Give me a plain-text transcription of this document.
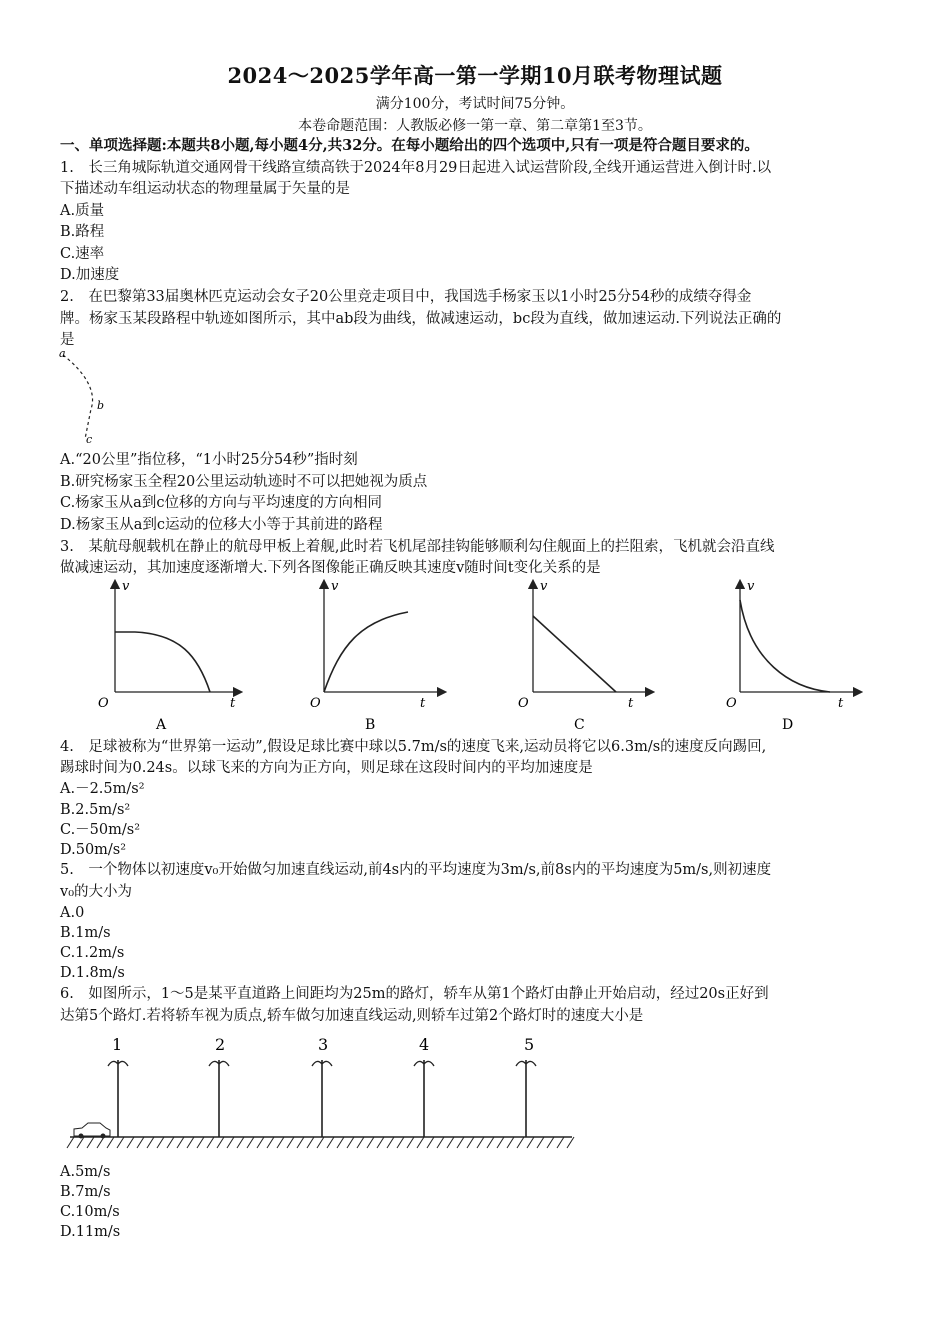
2024～2025学年高一第一学期10月联考物理试题
满分100分，考试时间75分钟。
本卷命题范围：人教版必修一第一章、第二章第1至3节。
一、单项选择题:本题共8小题,每小题4分,共32分。在每小题给出的四个选项中,只有一项是符合题目要求的。
1.　长三角城际轨道交通网骨干线路宣绩高铁于2024年8月29日起进入试运营阶段,全线开通运营进入倒计时.以
下描述动车组运动状态的物理量属于矢量的是
A.质量
B.路程
C.速率
D.加速度
2.　在巴黎第33届奥林匹克运动会女子20公里竞走项目中，我国选手杨家玉以1小时25分54秒的成绩夺得金
牌。杨家玉某段路程中轨迹如图所示，其中ab段为曲线，做减速运动，bc段为直线，做加速运动.下列说法正确的
是
a
b
c
A.“20公里”指位移，“1小时25分54秒”指时刻
B.研究杨家玉全程20公里运动轨迹时不可以把她视为质点
C.杨家玉从a到c位移的方向与平均速度的方向相同
D.杨家玉从a到c运动的位移大小等于其前进的路程
3.　某航母舰载机在静止的航母甲板上着舰,此时若飞机尾部挂钩能够顺利勾住舰面上的拦阻索，飞机就会沿直线
做减速运动，其加速度逐渐增大.下列各图像能正确反映其速度v随时间t变化关系的是
v
t
O
A
v
t
O
B
v
t
O
C
v
t
O
D
4.　足球被称为“世界第一运动”,假设足球比赛中球以5.7m/s的速度飞来,运动员将它以6.3m/s的速度反向踢回,
踢球时间为0.24s。以球飞来的方向为正方向，则足球在这段时间内的平均加速度是
A.－2.5m/s²
B.2.5m/s²
C.－50m/s²
D.50m/s²
5.　一个物体以初速度v₀开始做匀加速直线运动,前4s内的平均速度为3m/s,前8s内的平均速度为5m/s,则初速度
v₀的大小为
A.0
B.1m/s
C.1.2m/s
D.1.8m/s
6.　如图所示，1～5是某平直道路上间距均为25m的路灯，轿车从第1个路灯由静止开始启动，经过20s正好到
达第5个路灯.若将轿车视为质点,轿车做匀加速直线运动,则轿车过第2个路灯时的速度大小是
1	2	3	4	5
A.5m/s
B.7m/s
C.10m/s
D.11m/s
